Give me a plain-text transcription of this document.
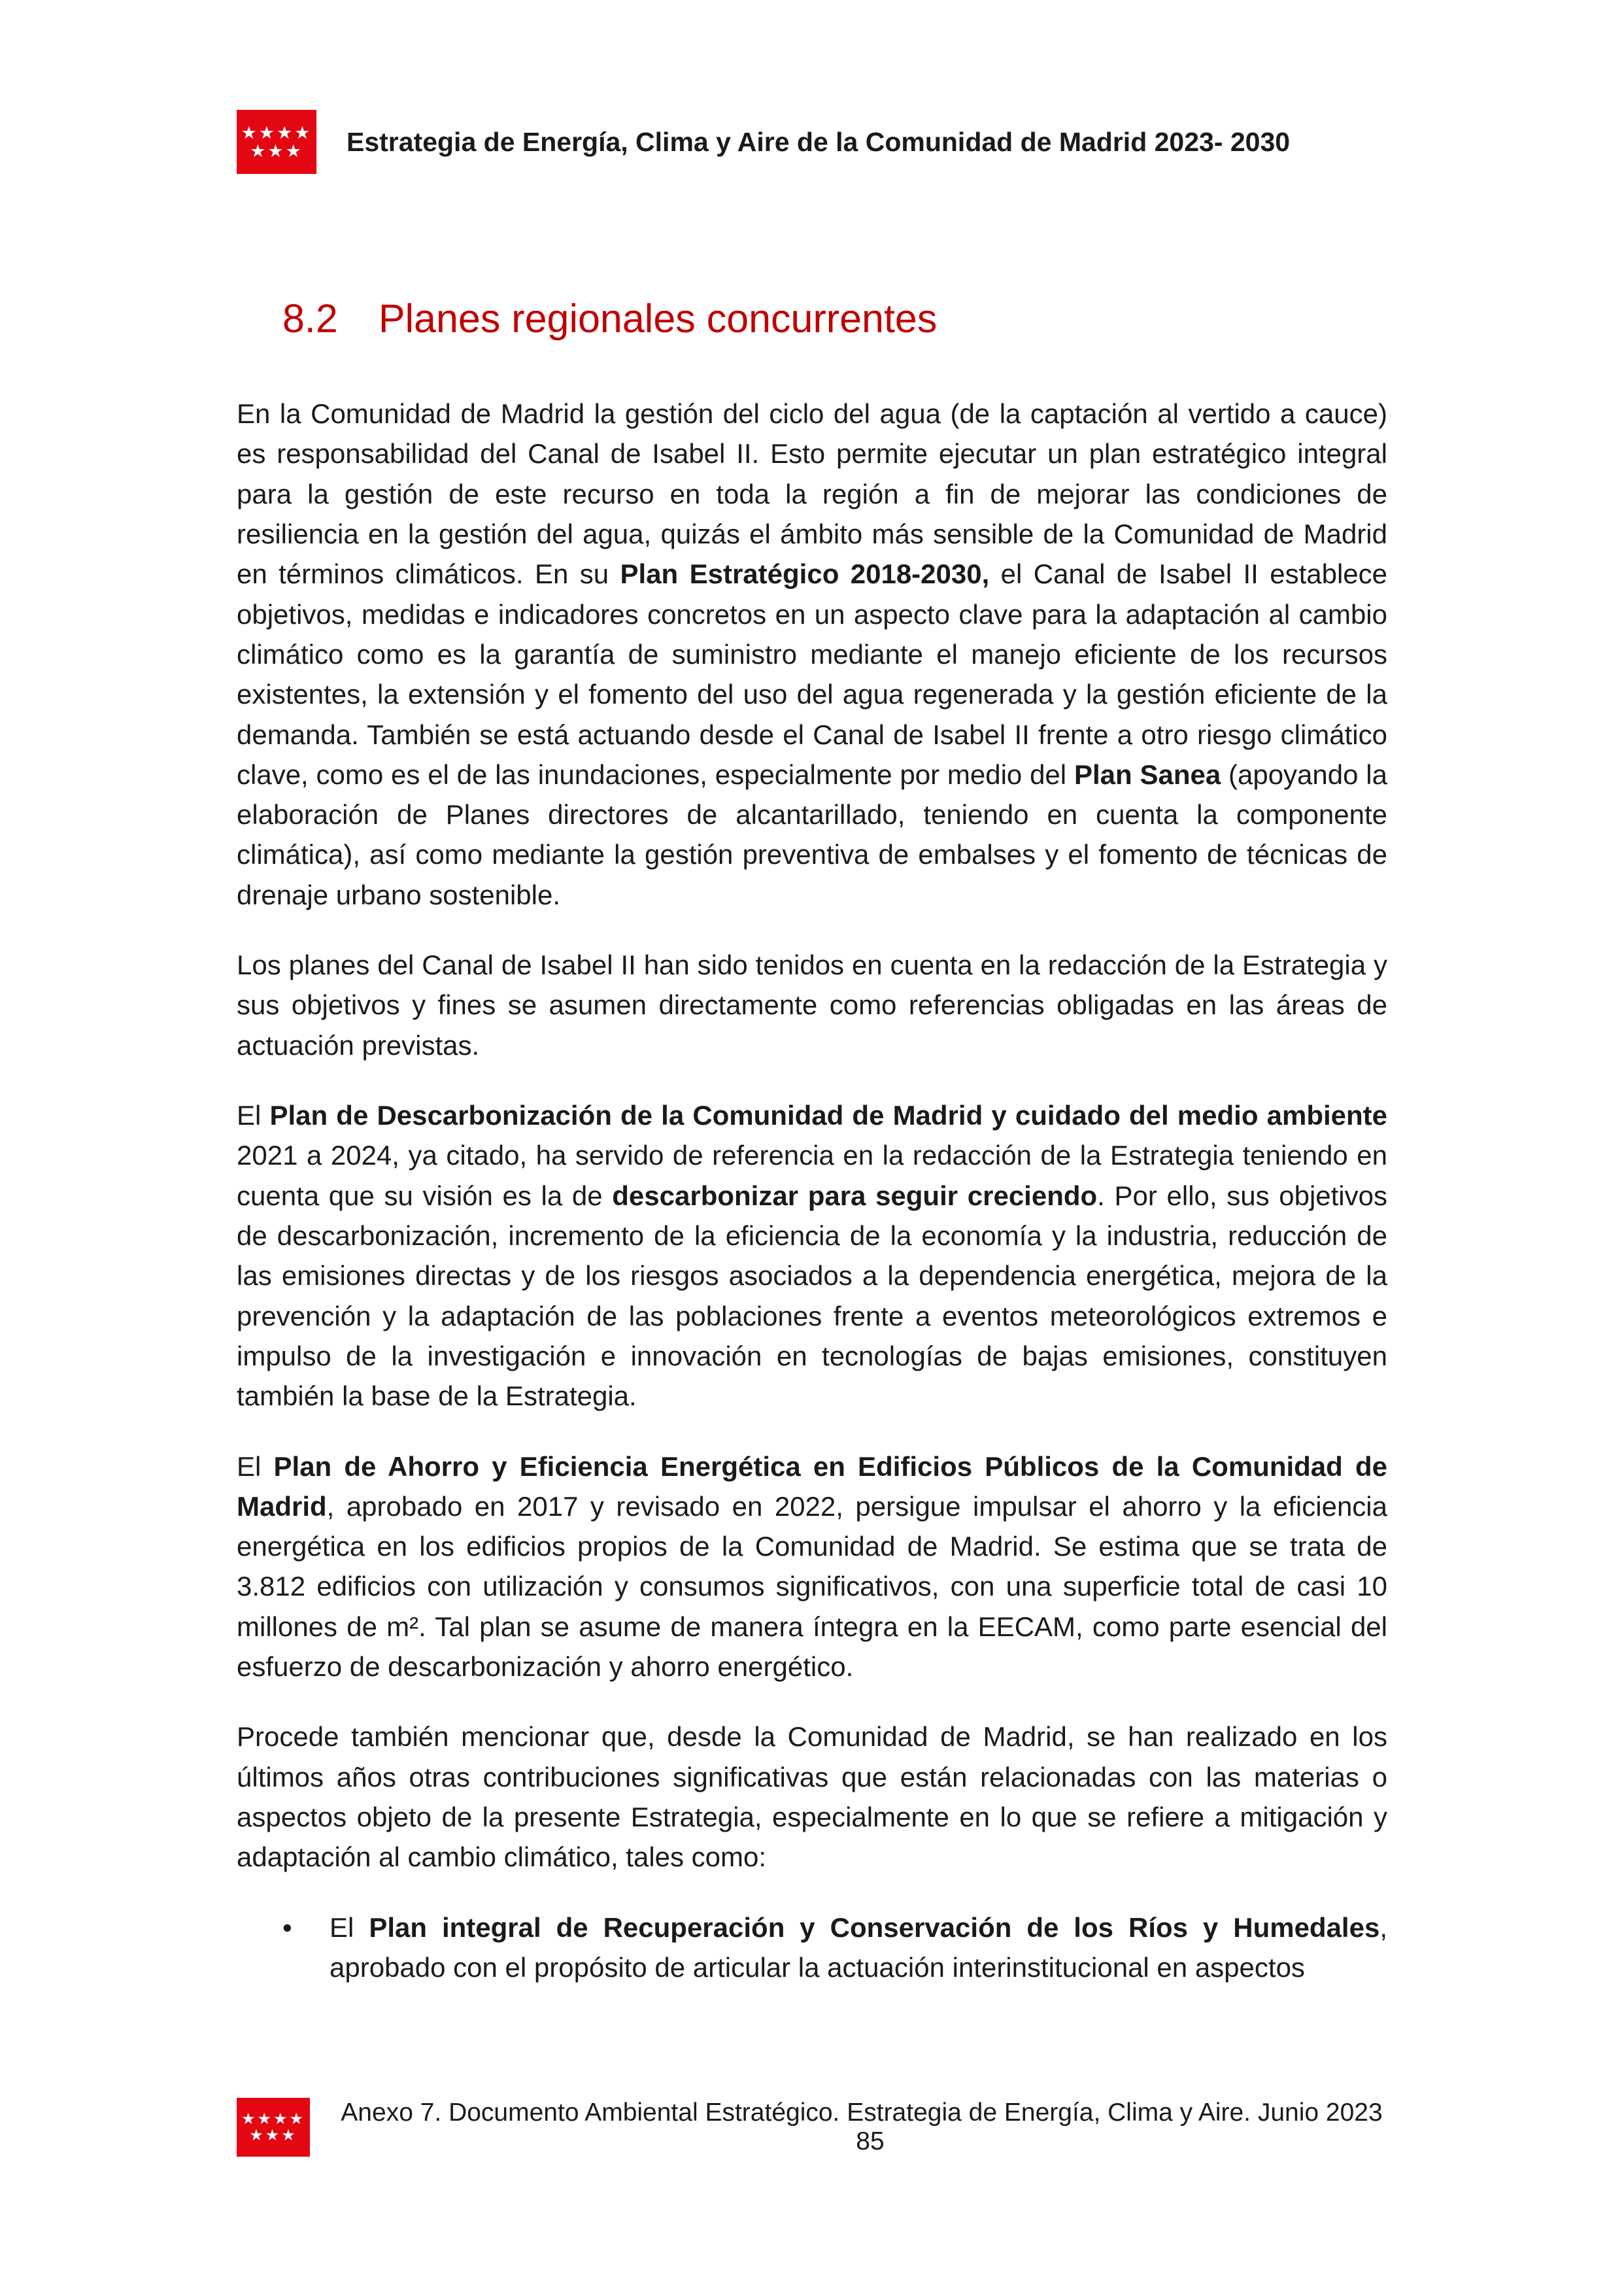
★★★★
★★★ Estrategia de Energía, Clima y Aire de la Comunidad de Madrid 2023- 2030
8.2 Planes regionales concurrentes

En la Comunidad de Madrid la gestión del ciclo del agua (de la captación al vertido a cauce) es responsabilidad del Canal de Isabel II. Esto permite ejecutar un plan estratégico integral para la gestión de este recurso en toda la región a fin de mejorar las condiciones de resiliencia en la gestión del agua, quizás el ámbito más sensible de la Comunidad de Madrid en términos climáticos. En su Plan Estratégico 2018-2030, el Canal de Isabel II establece objetivos, medidas e indicadores concretos en un aspecto clave para la adaptación al cambio climático como es la garantía de suministro mediante el manejo eficiente de los recursos existentes, la extensión y el fomento del uso del agua regenerada y la gestión eficiente de la demanda. También se está actuando desde el Canal de Isabel II frente a otro riesgo climático clave, como es el de las inundaciones, especialmente por medio del Plan Sanea (apoyando la elaboración de Planes directores de alcantarillado, teniendo en cuenta la componente climática), así como mediante la gestión preventiva de embalses y el fomento de técnicas de drenaje urbano sostenible.

Los planes del Canal de Isabel II han sido tenidos en cuenta en la redacción de la Estrategia y sus objetivos y fines se asumen directamente como referencias obligadas en las áreas de actuación previstas.

El Plan de Descarbonización de la Comunidad de Madrid y cuidado del medio ambiente 2021 a 2024, ya citado, ha servido de referencia en la redacción de la Estrategia teniendo en cuenta que su visión es la de descarbonizar para seguir creciendo. Por ello, sus objetivos de descarbonización, incremento de la eficiencia de la economía y la industria, reducción de las emisiones directas y de los riesgos asociados a la dependencia energética, mejora de la prevención y la adaptación de las poblaciones frente a eventos meteorológicos extremos e impulso de la investigación e innovación en tecnologías de bajas emisiones, constituyen también la base de la Estrategia.

El Plan de Ahorro y Eficiencia Energética en Edificios Públicos de la Comunidad de Madrid, aprobado en 2017 y revisado en 2022, persigue impulsar el ahorro y la eficiencia energética en los edificios propios de la Comunidad de Madrid. Se estima que se trata de 3.812 edificios con utilización y consumos significativos, con una superficie total de casi 10 millones de m². Tal plan se asume de manera íntegra en la EECAM, como parte esencial del esfuerzo de descarbonización y ahorro energético.

Procede también mencionar que, desde la Comunidad de Madrid, se han realizado en los últimos años otras contribuciones significativas que están relacionadas con las materias o aspectos objeto de la presente Estrategia, especialmente en lo que se refiere a mitigación y adaptación al cambio climático, tales como:

•	El Plan integral de Recuperación y Conservación de los Ríos y Humedales, aprobado con el propósito de articular la actuación interinstitucional en aspectos
★★★★
★★★
Anexo 7. Documento Ambiental Estratégico. Estrategia de Energía, Clima y Aire. Junio 2023 85
